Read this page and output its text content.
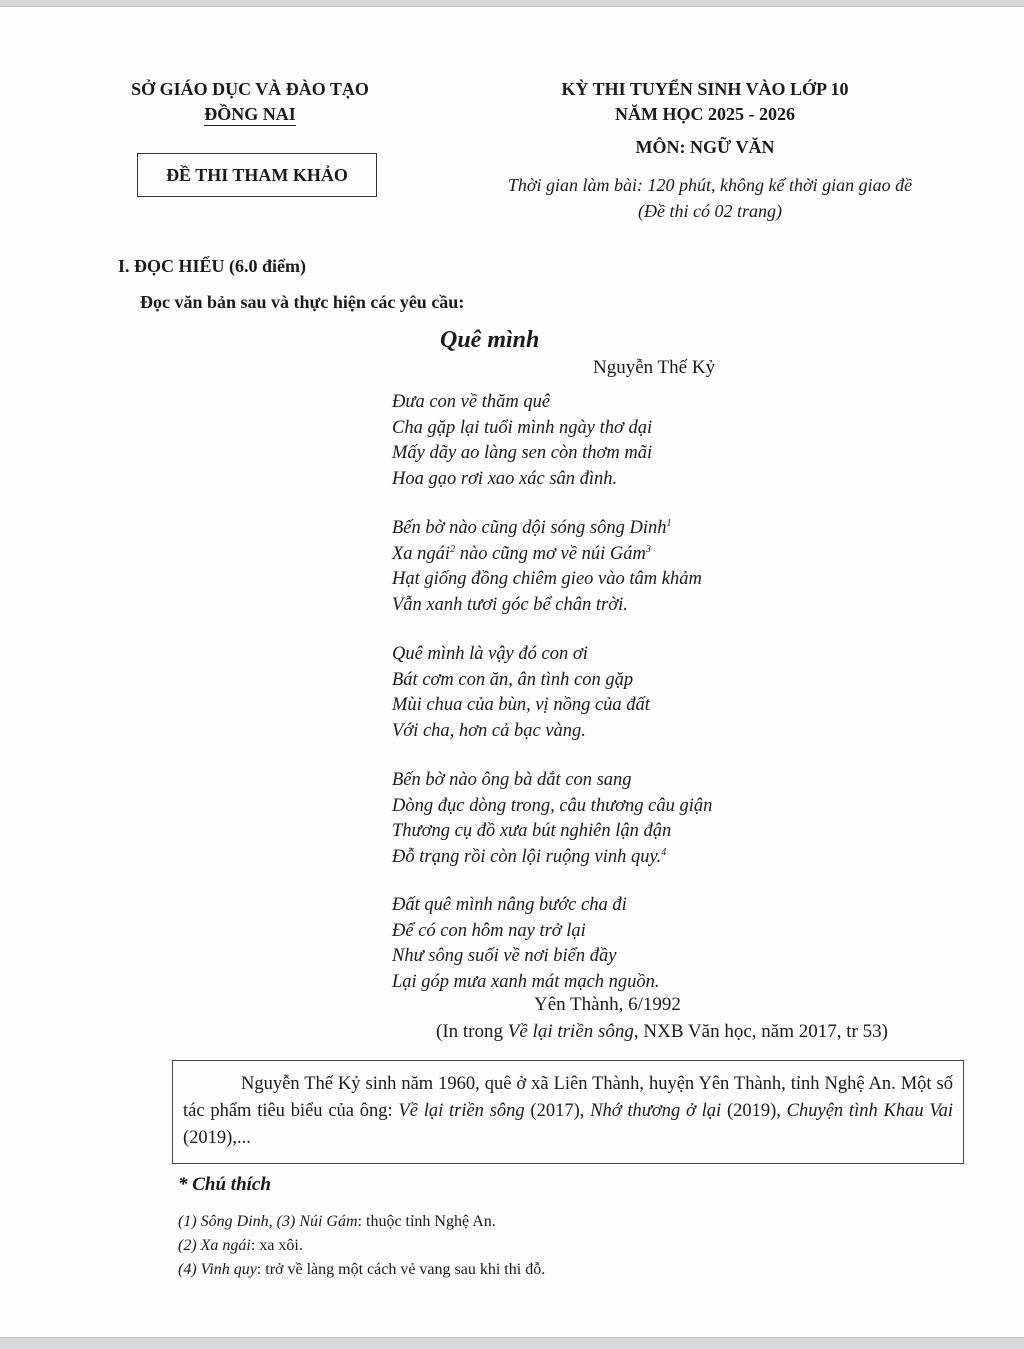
SỞ GIÁO DỤC VÀ ĐÀO TẠO
ĐỒNG NAI
ĐỀ THI THAM KHẢO
KỲ THI TUYỂN SINH VÀO LỚP 10
NĂM HỌC 2025 - 2026
MÔN: NGỮ VĂN
Thời gian làm bài: 120 phút, không kể thời gian giao đề
(Đề thi có 02 trang)
I. ĐỌC HIỂU (6.0 điểm)
Đọc văn bản sau và thực hiện các yêu cầu:
Quê mình
Nguyễn Thế Kỷ
Đưa con về thăm quê
Cha gặp lại tuổi mình ngày thơ dại
Mấy dãy ao làng sen còn thơm mãi
Hoa gạo rơi xao xác sân đình.
Bến bờ nào cũng dội sóng sông Dinh$^1$
Xa ngái$^2$ nào cũng mơ về núi Gám$^3$
Hạt giống đồng chiêm gieo vào tâm khảm
Vẫn xanh tươi góc bể chân trời.
Quê mình là vậy đó con ơi
Bát cơm con ăn, ân tình con gặp
Mùi chua của bùn, vị nồng của đất
Với cha, hơn cả bạc vàng.
Bến bờ nào ông bà dắt con sang
Dòng đục dòng trong, câu thương câu giận
Thương cụ đồ xưa bút nghiên lận đận
Đỗ trạng rồi còn lội ruộng vinh quy.$^4$
Đất quê mình nâng bước cha đi
Để có con hôm nay trở lại
Như sông suối về nơi biển đầy
Lại góp mưa xanh mát mạch nguồn.
Yên Thành, 6/1992
(In trong Về lại triền sông, NXB Văn học, năm 2017, tr 53)

Nguyễn Thế Kỷ sinh năm 1960, quê ở xã Liên Thành, huyện Yên Thành, tỉnh Nghệ An. Một số tác phẩm tiêu biểu của ông: Về lại triền sông (2017), Nhớ thương ở lại (2019), Chuyện tình Khau Vai (2019),...

* Chú thích
(1) Sông Dinh, (3) Núi Gám: thuộc tỉnh Nghệ An.
(2) Xa ngái: xa xôi.
(4) Vinh quy: trở về làng một cách vẻ vang sau khi thi đỗ.
